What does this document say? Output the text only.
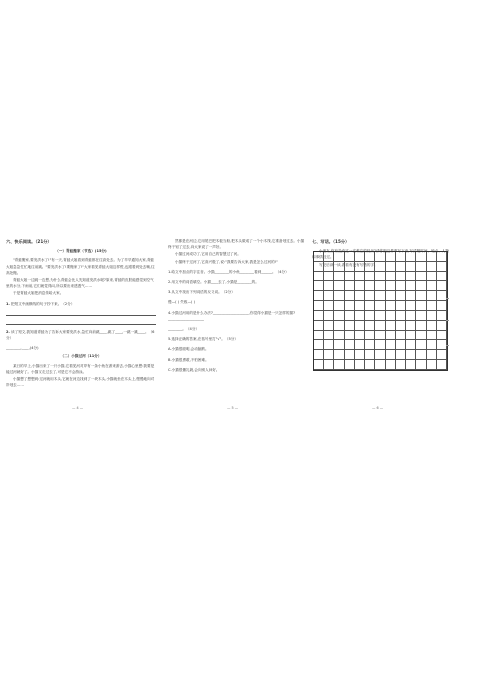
六、快乐阅读。（21分）
（一）青蛙搬家（节选）(15分)

"青蛙搬家,要发洪水了!"有一天,青蛙大姐看到青蛙都在往高处去。为了早早通知大家,青蛙大姐急急忙忙地往前跳。"要发洪水了!要搬家了!"大家看见青蛙大姐这样慌,也跟着到处去喊,往高处搬。

青蛙大姐一边跳一边想,为什么青蛙会比人先知道发洪水呢?原来,青蛙的皮肤能感觉到空气里的水分,下雨前,它们就觉得闷,所以要出来透透气……

于是青蛙大姐把消息传给大家。

1. 把短文中画横线的句子抄下来。（2分）
2. 读了短文,我知道青蛙为了告诉大家要发洪水,急忙向前跳____,跳了____,一跳一跳____。（6分）
________,____,(4分)
（二）小猫过河（11分）

某日的早上,小猫出来了一只小猫,它看见河对岸有一条小鱼在游来游去,小猫心里想:我要是能过河就好了。小猫又走过去了,可是它不会游泳。

小猫想了想想到:过河就用木头,它就在河边找到了一块木头,小猫就坐在木头上,慢慢地向对岸划去……

— 4 —

然都是在河边,它用尾巴把木板当船,把木头做成了一个小木筏,它准备划过去。小猫终于划了过去,向大家说了一声好。

小猫过河成功了,它用自己的智慧过了河。

小猫终于过河了,它高兴极了,说:"我要告诉大家,我是怎么过河的!"

1.给文中加点的字注音。小猫________的小鱼________看到______。（4分）
2.用文中的词语填空。小猫____去了,小猫是________的。
3.从文中找出下列词语的反义词。（2分）
慢—( ) 失败—( )
4.小猫过河用的是什么办法?____________________,你觉得小猫是一只怎样的猫?____________________
________。（4分）
5.选择正确的答案,在括号里打"√"。（5分）
A.小猫很聪明,会动脑筋。
B.小猫很勇敢,不怕困难。
C.小猫很懂礼貌,会向别人问好。
— 5 —
七、写话。（15分）

小朋友,你有没有过一次难忘的经历?请你把这件事写下来,写清楚时间、地点、人物和事情经过。

写完后读一读,看看有没有写错的字。

— 6 —
